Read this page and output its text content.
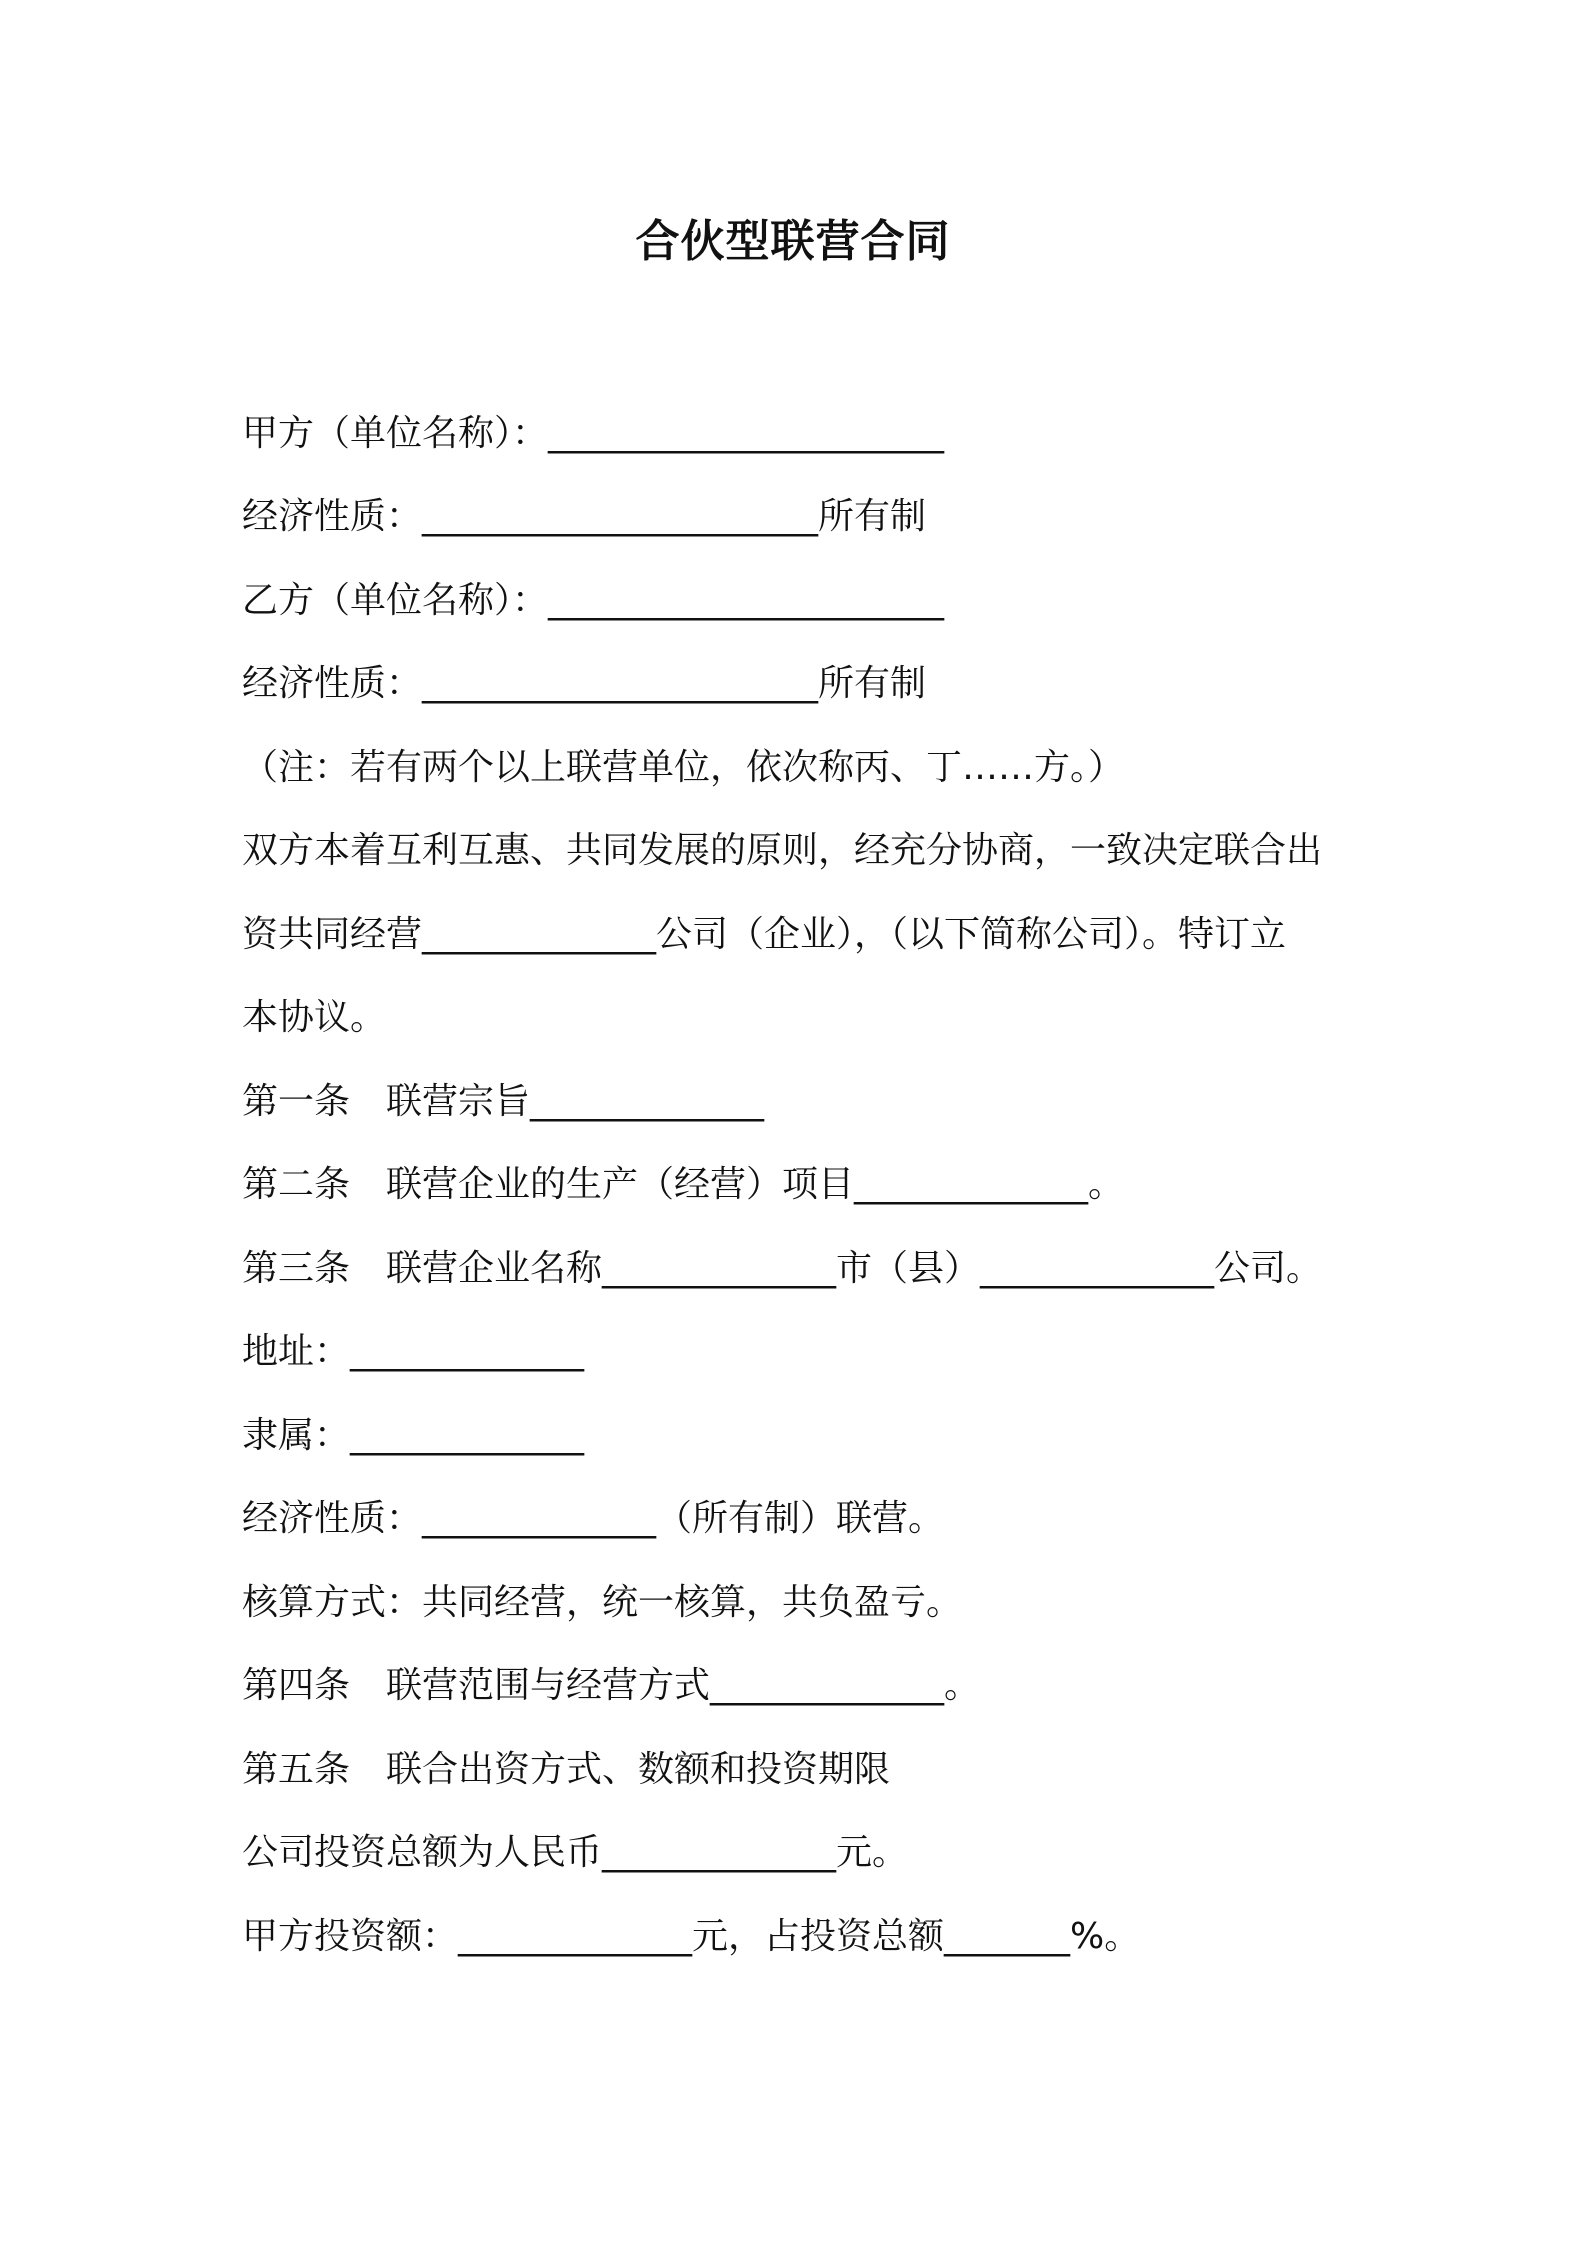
合伙型联营合同
甲方（单位名称）：______________________
经济性质：______________________所有制
乙方（单位名称）：______________________
经济性质：______________________所有制
（注：若有两个以上联营单位，依次称丙、丁……方。）
双方本着互利互惠、共同发展的原则，经充分协商，一致决定联合出
资共同经营_____________公司（企业），（以下简称公司）。特订立
本协议。
第一条　联营宗旨_____________
第二条　联营企业的生产（经营）项目_____________。
第三条　联营企业名称_____________市（县）_____________公司。
地址：_____________
隶属：_____________
经济性质：_____________（所有制）联营。
核算方式：共同经营，统一核算，共负盈亏。
第四条　联营范围与经营方式_____________。
第五条　联合出资方式、数额和投资期限
公司投资总额为人民币_____________元。
甲方投资额：_____________元，占投资总额_______%。
